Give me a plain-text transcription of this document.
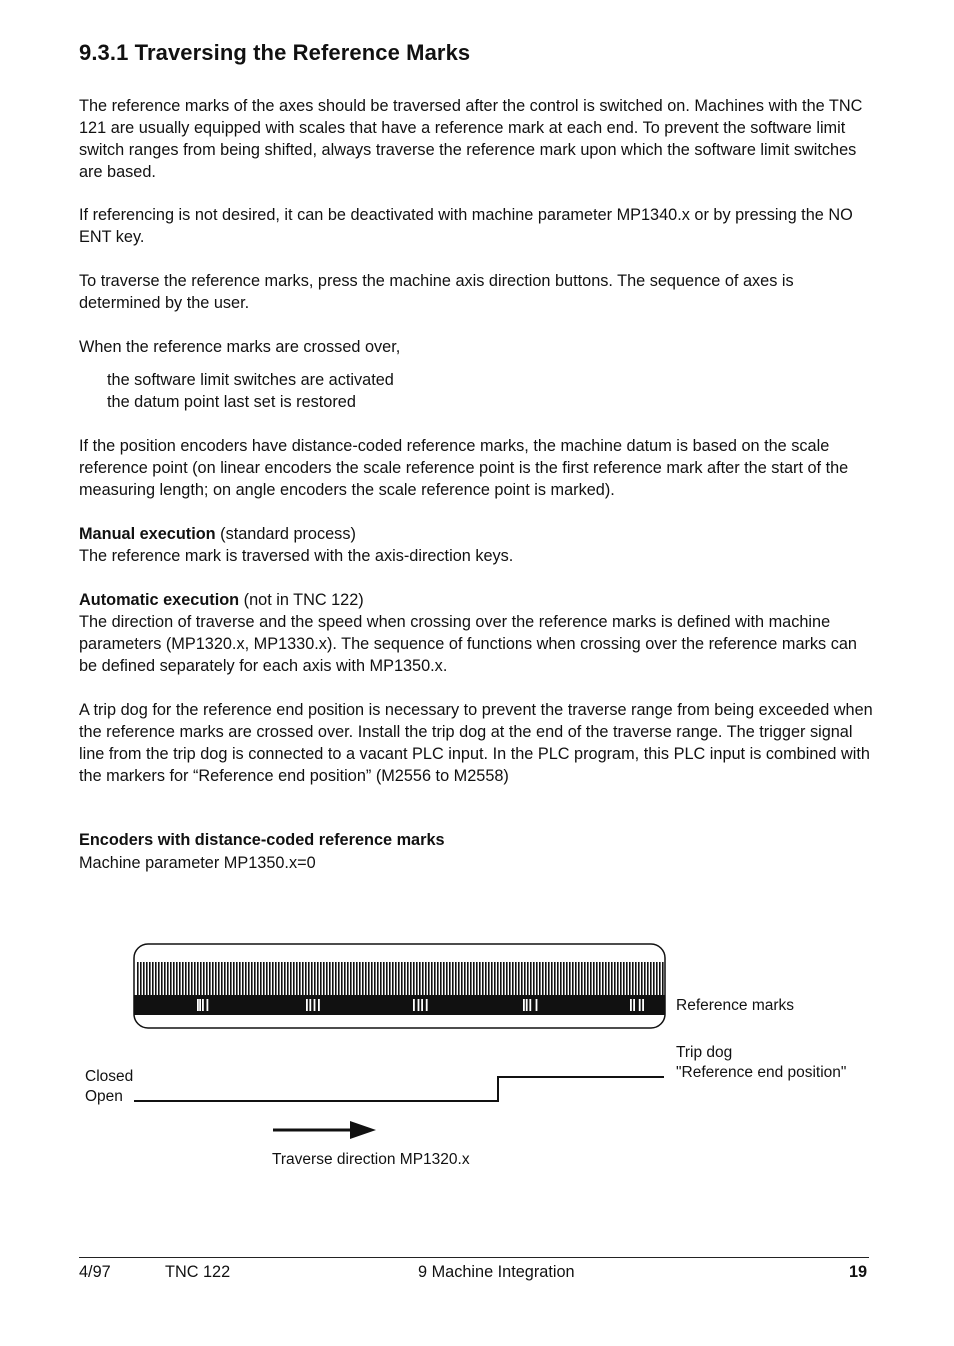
9.3.1 Traversing the Reference Marks

The reference marks of the axes should be traversed after the control is switched on. Machines with the TNC 121 are usually equipped with scales that have a reference mark at each end. To prevent the software limit switch ranges from being shifted, always traverse the reference mark upon which the software limit switches are based.

If referencing is not desired, it can be deactivated with machine parameter MP1340.x or by pressing the NO ENT key.

To traverse the reference marks, press the machine axis direction buttons. The sequence of axes is determined by the user.

When the reference marks are crossed over,

the software limit switches are activated

the datum point last set is restored

If the position encoders have distance-coded reference marks, the machine datum is based on the scale reference point (on linear encoders the scale reference point is the first reference mark after the start of the measuring length; on angle encoders the scale reference point is marked).

Manual execution (standard process)

The reference mark is traversed with the axis-direction keys.

Automatic execution (not in TNC 122)

The direction of traverse and the speed when crossing over the reference marks is defined with machine parameters (MP1320.x, MP1330.x). The sequence of functions when crossing over the reference marks can be defined separately for each axis with MP1350.x.

A trip dog for the reference end position is necessary to prevent the traverse range from being exceeded when the reference marks are crossed over. Install the trip dog at the end of the traverse range. The trigger signal line from the trip dog is connected to a vacant PLC input. In the PLC program, this PLC input is combined with the markers for “Reference end position” (M2556 to M2558)

Encoders with distance-coded reference marks

Machine parameter MP1350.x=0

Reference marks
Trip dog
"Reference end position"
Closed
Open
Traverse direction MP1320.x
4/97	TNC 122	9 Machine Integration	19
